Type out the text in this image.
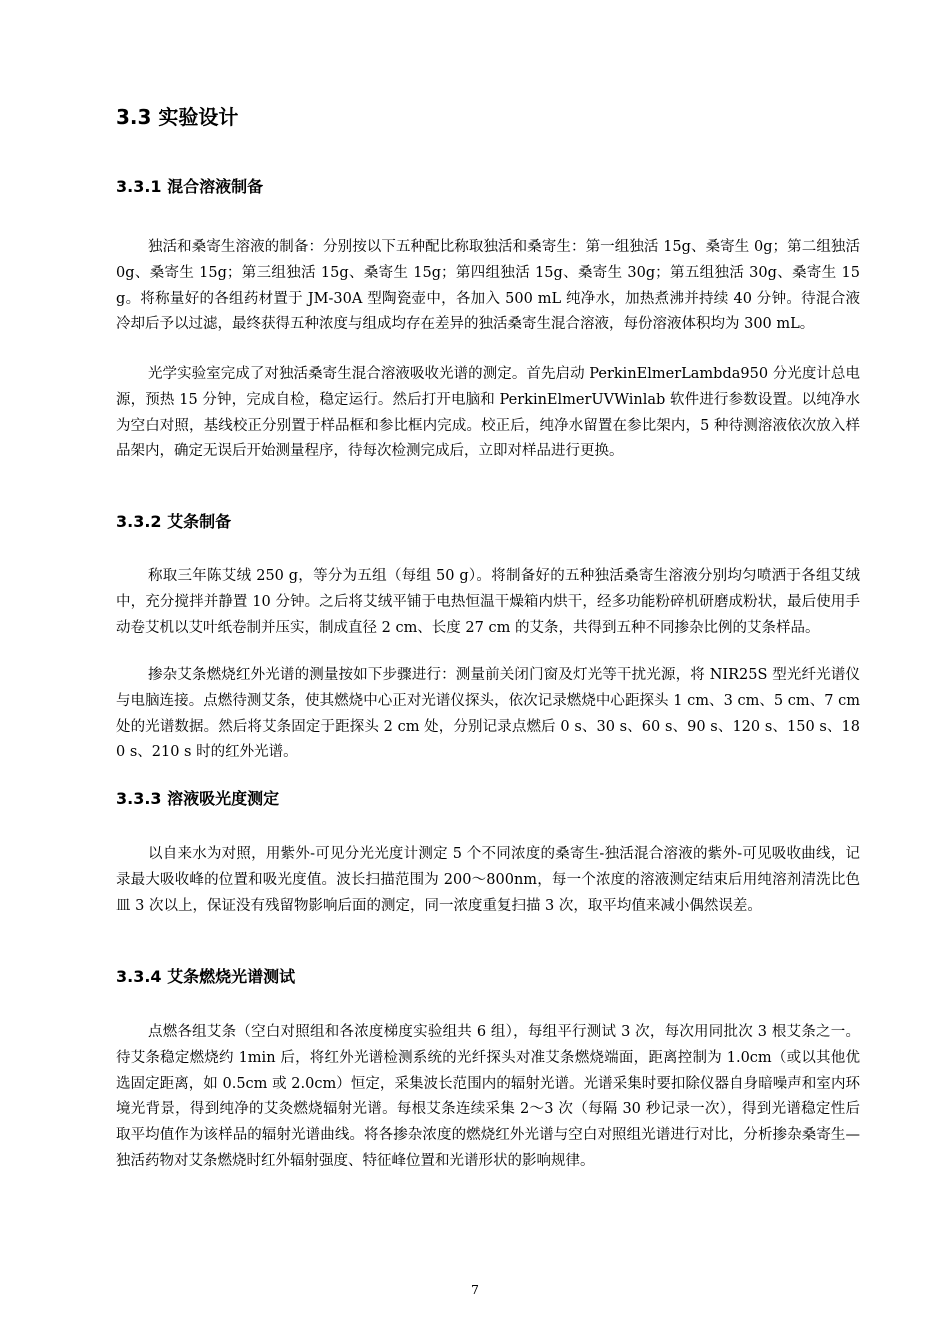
3.3 实验设计
3.3.1 混合溶液制备

独活和桑寄生溶液的制备：分别按以下五种配比称取独活和桑寄生：第一组独活 15g、桑寄生 0g；第二组独活 0g、桑寄生 15g；第三组独活 15g、桑寄生 15g；第四组独活 15g、桑寄生 30g；第五组独活 30g、桑寄生 15g。将称量好的各组药材置于 JM-30A 型陶瓷壶中，各加入 500 mL 纯净水，加热煮沸并持续 40 分钟。待混合液冷却后予以过滤，最终获得五种浓度与组成均存在差异的独活桑寄生混合溶液，每份溶液体积均为 300 mL。

光学实验室完成了对独活桑寄生混合溶液吸收光谱的测定。首先启动 PerkinElmerLambda950 分光度计总电源，预热 15 分钟，完成自检，稳定运行。然后打开电脑和 PerkinElmerUVWinlab 软件进行参数设置。以纯净水为空白对照，基线校正分别置于样品框和参比框内完成。校正后，纯净水留置在参比架内，5 种待测溶液依次放入样品架内，确定无误后开始测量程序，待每次检测完成后，立即对样品进行更换。

3.3.2 艾条制备

称取三年陈艾绒 250 g，等分为五组（每组 50 g）。将制备好的五种独活桑寄生溶液分别均匀喷洒于各组艾绒中，充分搅拌并静置 10 分钟。之后将艾绒平铺于电热恒温干燥箱内烘干，经多功能粉碎机研磨成粉状，最后使用手动卷艾机以艾叶纸卷制并压实，制成直径 2 cm、长度 27 cm 的艾条，共得到五种不同掺杂比例的艾条样品。

掺杂艾条燃烧红外光谱的测量按如下步骤进行：测量前关闭门窗及灯光等干扰光源，将 NIR25S 型光纤光谱仪与电脑连接。点燃待测艾条，使其燃烧中心正对光谱仪探头，依次记录燃烧中心距探头 1 cm、3 cm、5 cm、7 cm 处的光谱数据。然后将艾条固定于距探头 2 cm 处，分别记录点燃后 0 s、30 s、60 s、90 s、120 s、150 s、180 s、210 s 时的红外光谱。

3.3.3 溶液吸光度测定

以自来水为对照，用紫外-可见分光光度计测定 5 个不同浓度的桑寄生-独活混合溶液的紫外-可见吸收曲线，记录最大吸收峰的位置和吸光度值。波长扫描范围为 200～800nm，每一个浓度的溶液测定结束后用纯溶剂清洗比色皿 3 次以上，保证没有残留物影响后面的测定，同一浓度重复扫描 3 次，取平均值来减小偶然误差。

3.3.4 艾条燃烧光谱测试

点燃各组艾条（空白对照组和各浓度梯度实验组共 6 组），每组平行测试 3 次，每次用同批次 3 根艾条之一。待艾条稳定燃烧约 1min 后，将红外光谱检测系统的光纤探头对准艾条燃烧端面，距离控制为 1.0cm（或以其他优选固定距离，如 0.5cm 或 2.0cm）恒定，采集波长范围内的辐射光谱。光谱采集时要扣除仪器自身暗噪声和室内环境光背景，得到纯净的艾灸燃烧辐射光谱。每根艾条连续采集 2～3 次（每隔 30 秒记录一次），得到光谱稳定性后取平均值作为该样品的辐射光谱曲线。将各掺杂浓度的燃烧红外光谱与空白对照组光谱进行对比，分析掺杂桑寄生—独活药物对艾条燃烧时红外辐射强度、特征峰位置和光谱形状的影响规律。

7
